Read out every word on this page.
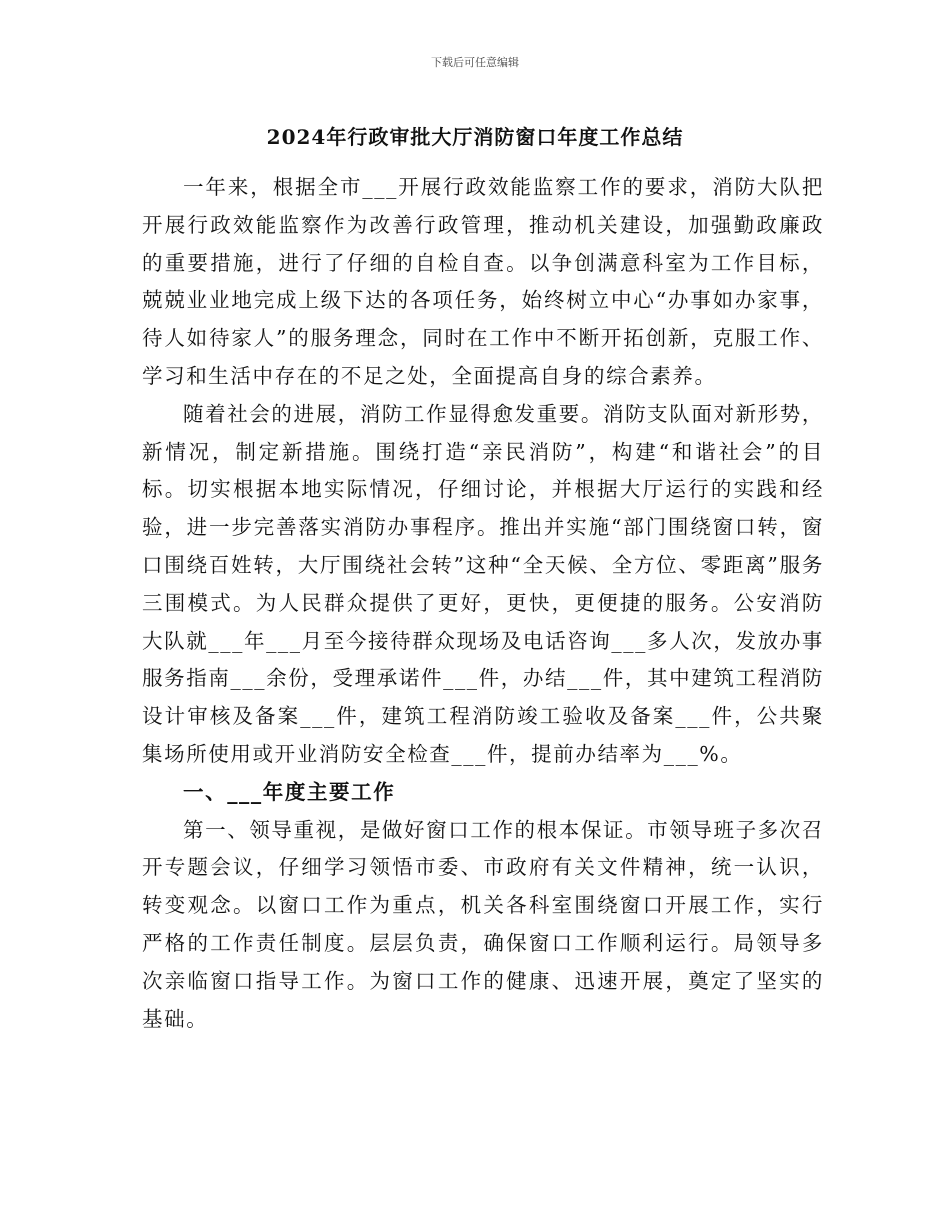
下载后可任意编辑
2024年行政审批大厅消防窗口年度工作总结

一年来，根据全市___开展行政效能监察工作的要求，消防大队把开展行政效能监察作为改善行政管理，推动机关建设，加强勤政廉政的重要措施，进行了仔细的自检自查。以争创满意科室为工作目标，兢兢业业地完成上级下达的各项任务，始终树立中心“办事如办家事，待人如待家人”的服务理念，同时在工作中不断开拓创新，克服工作、学习和生活中存在的不足之处，全面提高自身的综合素养。

随着社会的进展，消防工作显得愈发重要。消防支队面对新形势，新情况，制定新措施。围绕打造“亲民消防”，构建“和谐社会”的目标。切实根据本地实际情况，仔细讨论，并根据大厅运行的实践和经验，进一步完善落实消防办事程序。推出并实施“部门围绕窗口转，窗口围绕百姓转，大厅围绕社会转”这种“全天候、全方位、零距离”服务三围模式。为人民群众提供了更好，更快，更便捷的服务。公安消防大队就___年___月至今接待群众现场及电话咨询___多人次，发放办事服务指南___余份，受理承诺件___件，办结___件，其中建筑工程消防设计审核及备案___件，建筑工程消防竣工验收及备案___件，公共聚集场所使用或开业消防安全检查___件，提前办结率为___%。

一、___年度主要工作

第一、领导重视，是做好窗口工作的根本保证。市领导班子多次召开专题会议，仔细学习领悟市委、市政府有关文件精神，统一认识，转变观念。以窗口工作为重点，机关各科室围绕窗口开展工作，实行严格的工作责任制度。层层负责，确保窗口工作顺利运行。局领导多次亲临窗口指导工作。为窗口工作的健康、迅速开展，奠定了坚实的基础。
